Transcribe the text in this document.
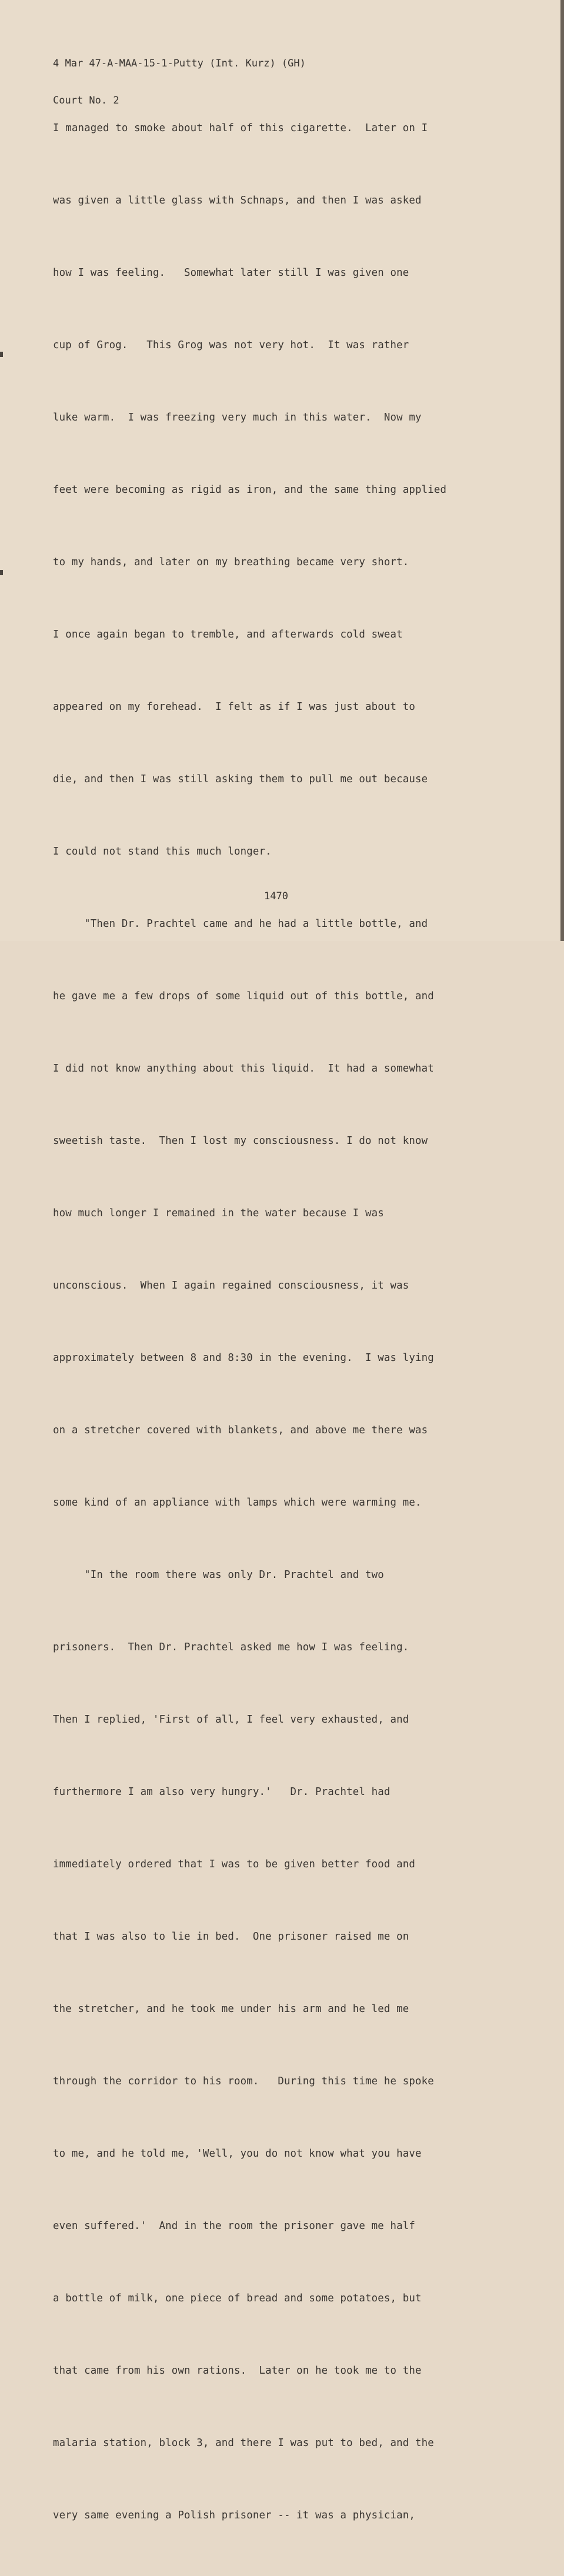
4 Mar 47-A-MAA-15-1-Putty (Int. Kurz) (GH)

Court No. 2

I managed to smoke about half of this cigarette.  Later on I

was given a little glass with Schnaps, and then I was asked

how I was feeling.   Somewhat later still I was given one

cup of Grog.   This Grog was not very hot.  It was rather

luke warm.  I was freezing very much in this water.  Now my

feet were becoming as rigid as iron, and the same thing applied

to my hands, and later on my breathing became very short.

I once again began to tremble, and afterwards cold sweat

appeared on my forehead.  I felt as if I was just about to

die, and then I was still asking them to pull me out because

I could not stand this much longer.

"Then Dr. Prachtel came and he had a little bottle, and

he gave me a few drops of some liquid out of this bottle, and

I did not know anything about this liquid.  It had a somewhat

sweetish taste.  Then I lost my consciousness. I do not know

how much longer I remained in the water because I was

unconscious.  When I again regained consciousness, it was

approximately between 8 and 8:30 in the evening.  I was lying

on a stretcher covered with blankets, and above me there was

some kind of an appliance with lamps which were warming me.

"In the room there was only Dr. Prachtel and two

prisoners.  Then Dr. Prachtel asked me how I was feeling.

Then I replied, 'First of all, I feel very exhausted, and

furthermore I am also very hungry.'   Dr. Prachtel had

immediately ordered that I was to be given better food and

that I was also to lie in bed.  One prisoner raised me on

the stretcher, and he took me under his arm and he led me

through the corridor to his room.   During this time he spoke

to me, and he told me, 'Well, you do not know what you have

even suffered.'  And in the room the prisoner gave me half

a bottle of milk, one piece of bread and some potatoes, but

that came from his own rations.  Later on he took me to the

malaria station, block 3, and there I was put to bed, and the

very same evening a Polish prisoner -- it was a physician,

1470
